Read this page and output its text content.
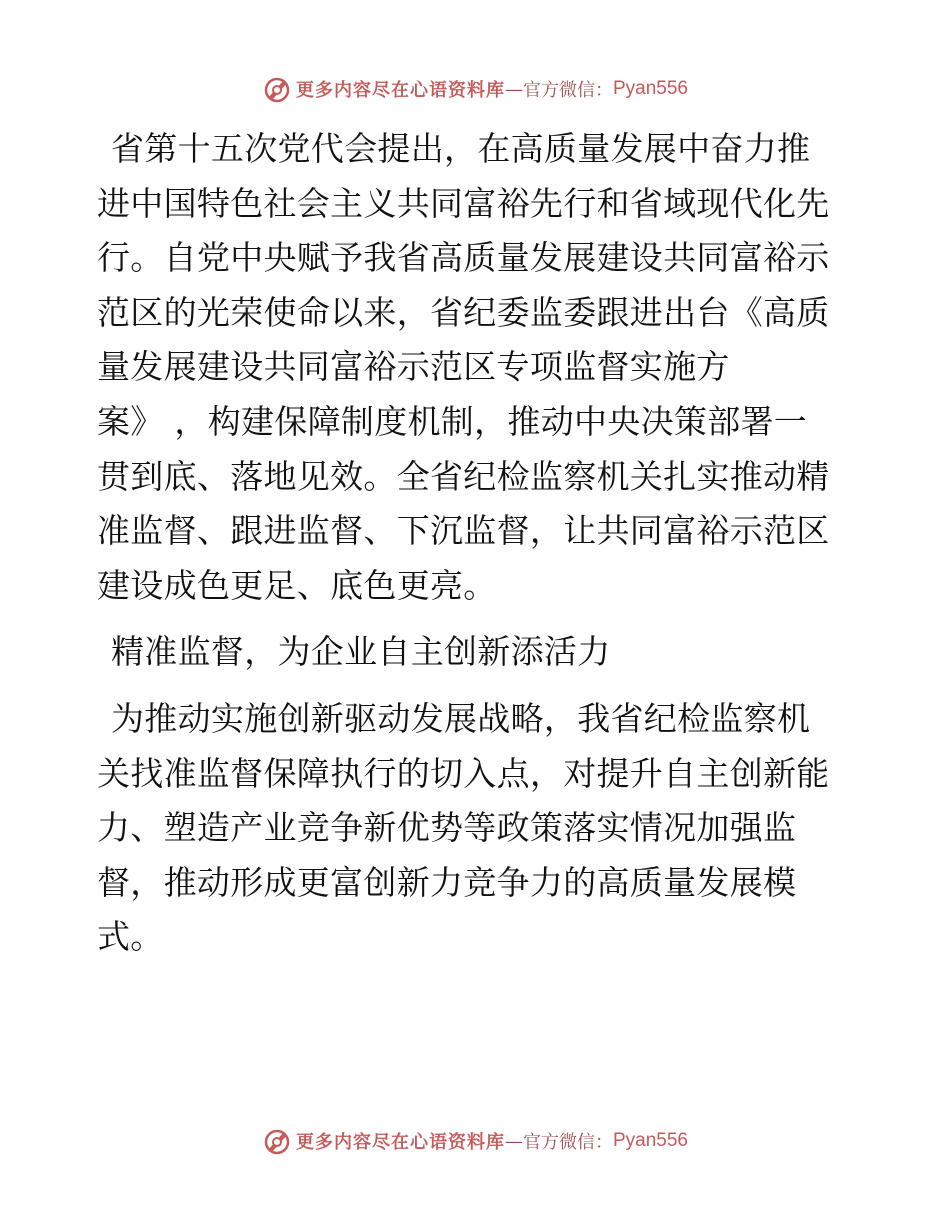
更多内容尽在心语资料库 — 官方微信： Pyan556

省第十五次党代会提出，在高质量发展中奋力推
进中国特色社会主义共同富裕先行和省域现代化先
行。自党中央赋予我省高质量发展建设共同富裕示
范区的光荣使命以来，省纪委监委跟进出台《高质
量发展建设共同富裕示范区专项监督实施方
案》 ，构建保障制度机制，推动中央决策部署一
贯到底、落地见效。全省纪检监察机关扎实推动精
准监督、跟进监督、下沉监督，让共同富裕示范区
建设成色更足、底色更亮。

精准监督，为企业自主创新添活力

为推动实施创新驱动发展战略，我省纪检监察机
关找准监督保障执行的切入点，对提升自主创新能
力、塑造产业竞争新优势等政策落实情况加强监
督，推动形成更富创新力竞争力的高质量发展模
式。

更多内容尽在心语资料库 — 官方微信： Pyan556
